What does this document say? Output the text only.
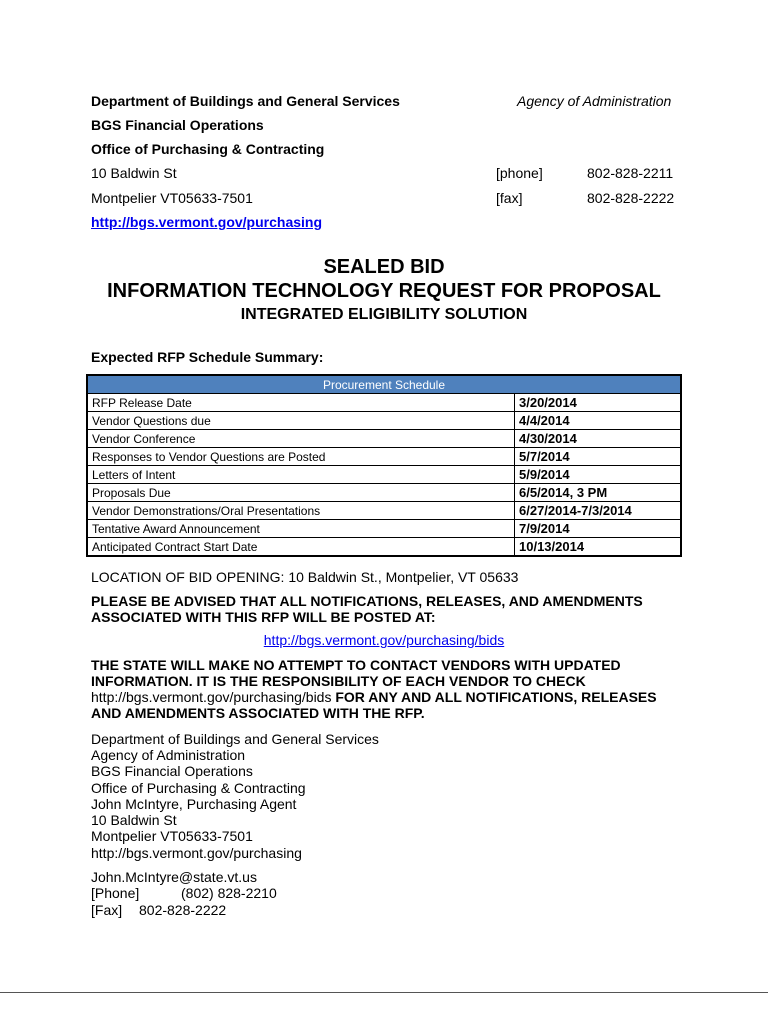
Department of Buildings and General Services	Agency of Administration
BGS Financial Operations
Office of Purchasing & Contracting
10 Baldwin St	[phone]	802-828-2211
Montpelier VT05633-7501	[fax]	802-828-2222
http://bgs.vermont.gov/purchasing
SEALED BID
INFORMATION TECHNOLOGY REQUEST FOR PROPOSAL
INTEGRATED ELIGIBILITY SOLUTION
Expected RFP Schedule Summary:
Procurement Schedule	
RFP Release Date	3/20/2014
Vendor Questions due	4/4/2014
Vendor Conference	4/30/2014
Responses to Vendor Questions are Posted	5/7/2014
Letters of Intent	5/9/2014
Proposals Due	6/5/2014, 3 PM
Vendor Demonstrations/Oral Presentations	6/27/2014-7/3/2014
Tentative Award Announcement	7/9/2014
Anticipated Contract Start Date	10/13/2014
LOCATION OF BID OPENING: 10 Baldwin St., Montpelier, VT 05633
PLEASE BE ADVISED THAT ALL NOTIFICATIONS, RELEASES, AND AMENDMENTS
ASSOCIATED WITH THIS RFP WILL BE POSTED AT:
http://bgs.vermont.gov/purchasing/bids
THE STATE WILL MAKE NO ATTEMPT TO CONTACT VENDORS WITH UPDATED
INFORMATION. IT IS THE RESPONSIBILITY OF EACH VENDOR TO CHECK
http://bgs.vermont.gov/purchasing/bids FOR ANY AND ALL NOTIFICATIONS, RELEASES
AND AMENDMENTS ASSOCIATED WITH THE RFP.
Department of Buildings and General Services
Agency of Administration
BGS Financial Operations
Office of Purchasing & Contracting
John McIntyre, Purchasing Agent
10 Baldwin St
Montpelier VT05633-7501
http://bgs.vermont.gov/purchasing
John.McIntyre@state.vt.us
[Phone]	(802) 828-2210
[Fax] 802-828-2222
